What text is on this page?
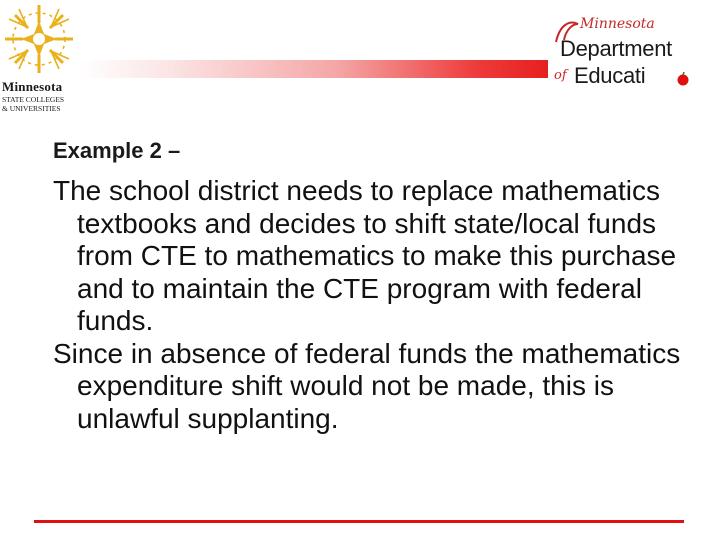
Minnesota
STATE COLLEGES
& UNIVERSITIES
Minnesota
Department
of Educati
Example 2 –

The school district needs to replace mathematics textbooks and decides to shift state/local funds from CTE to mathematics to make this purchase and to maintain the CTE program with federal funds.

Since in absence of federal funds the mathematics expenditure shift would not be made, this is unlawful supplanting.
